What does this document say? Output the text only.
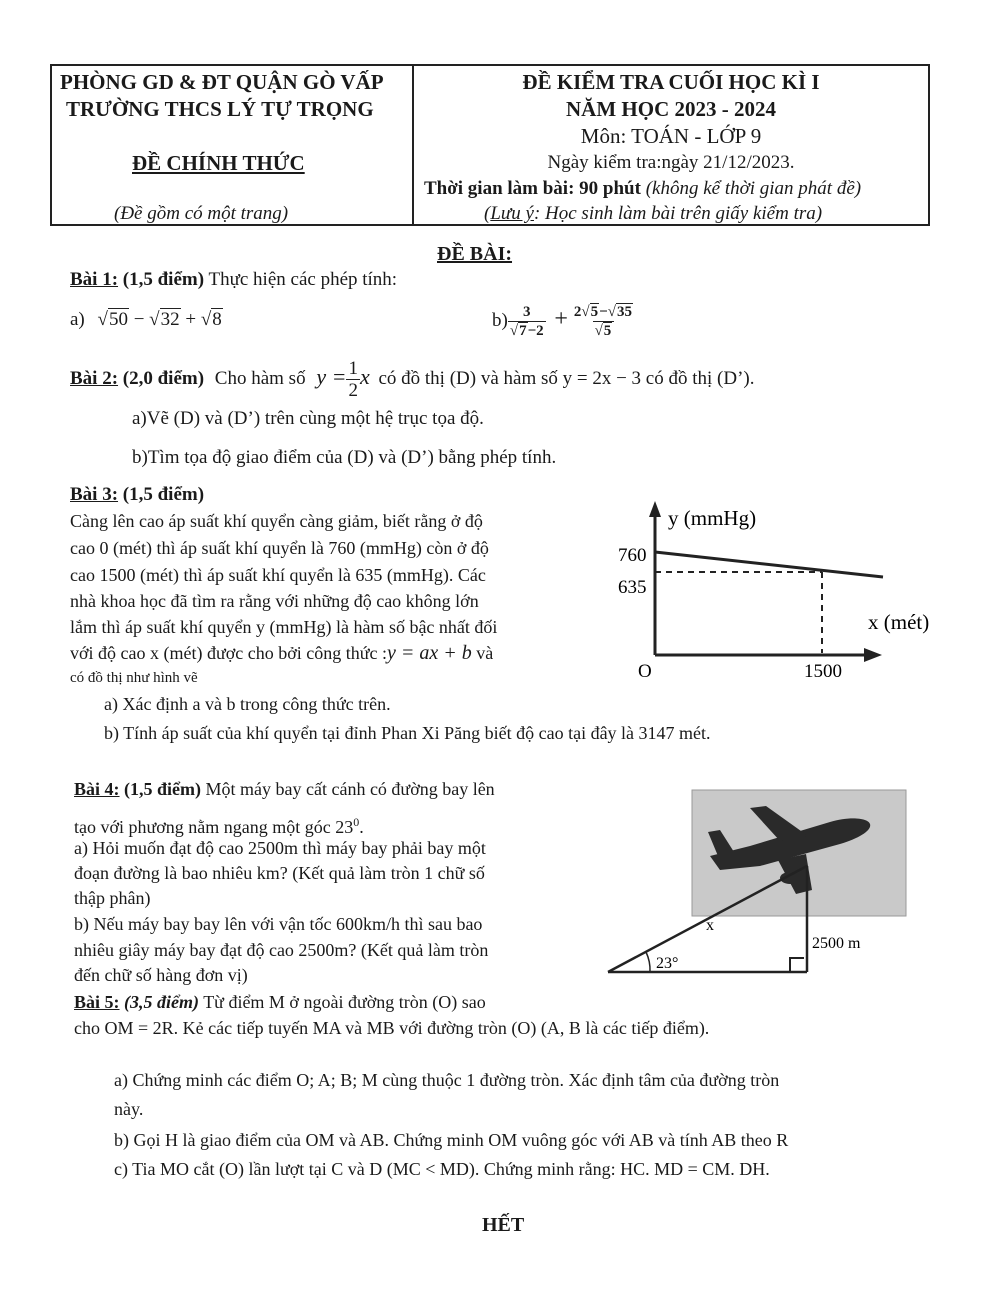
PHÒNG GD & ĐT QUẬN GÒ VẤP
TRƯỜNG THCS LÝ TỰ TRỌNG
ĐỀ CHÍNH THỨC
(Đề gồm có một trang)
ĐỀ KIỂM TRA CUỐI HỌC KÌ I
NĂM HỌC 2023 - 2024
Môn: TOÁN - LỚP 9
Ngày kiểm tra:ngày 21/12/2023.
Thời gian làm bài: 90 phút (không kể thời gian phát đề)
(Lưu ý: Học sinh làm bài trên giấy kiểm tra)
ĐỀ BÀI:
Bài 1: (1,5 điểm) Thực hiện các phép tính:
a) √50 − √32 + √8	$b) \frac{3}{√7-2} + \frac{2√5-√35}{√5}$
Bài 2: (2,0 điểm) Cho hàm số $y = \frac{1}{2}$ x có đồ thị (D) và hàm số y = 2x − 3 có đồ thị (D’).
a)Vẽ (D) và (D’) trên cùng một hệ trục tọa độ.
b)Tìm tọa độ giao điểm của (D) và (D’) bằng phép tính.
Bài 3: (1,5 điểm)
Càng lên cao áp suất khí quyển càng giảm, biết rằng ở độ
cao 0 (mét) thì áp suất khí quyển là 760 (mmHg) còn ở độ
cao 1500 (mét) thì áp suất khí quyển là 635 (mmHg). Các
nhà khoa học đã tìm ra rằng với những độ cao không lớn
lắm thì áp suất khí quyển y (mmHg) là hàm số bậc nhất đối
với độ cao x (mét) được cho bởi công thức :y = ax + b và
có đồ thị như hình vẽ
a) Xác định a và b trong công thức trên.
b) Tính áp suất của khí quyển tại đỉnh Phan Xi Păng biết độ cao tại đây là 3147 mét.
y (mmHg)
x (mét)
O
760
635
1500
Bài 4: (1,5 điểm) Một máy bay cất cánh có đường bay lên
tạo với phương nằm ngang một góc $23^0$.
a) Hỏi muốn đạt độ cao 2500m thì máy bay phải bay một
đoạn đường là bao nhiêu km? (Kết quả làm tròn 1 chữ số
thập phân)
b) Nếu máy bay bay lên với vận tốc 600km/h thì sau bao
nhiêu giây máy bay đạt độ cao 2500m? (Kết quả làm tròn
đến chữ số hàng đơn vị)
23°
x
2500 m
Bài 5: (3,5 điểm) Từ điểm M ở ngoài đường tròn (O) sao
cho OM = 2R. Kẻ các tiếp tuyến MA và MB với đường tròn (O) (A, B là các tiếp điểm).
a) Chứng minh các điểm O; A; B; M cùng thuộc 1 đường tròn. Xác định tâm của đường tròn
này.
b) Gọi H là giao điểm của OM và AB. Chứng minh OM vuông góc với AB và tính AB theo R
c) Tia MO cắt (O) lần lượt tại C và D (MC < MD). Chứng minh rằng: HC. MD = CM. DH.
HẾT
